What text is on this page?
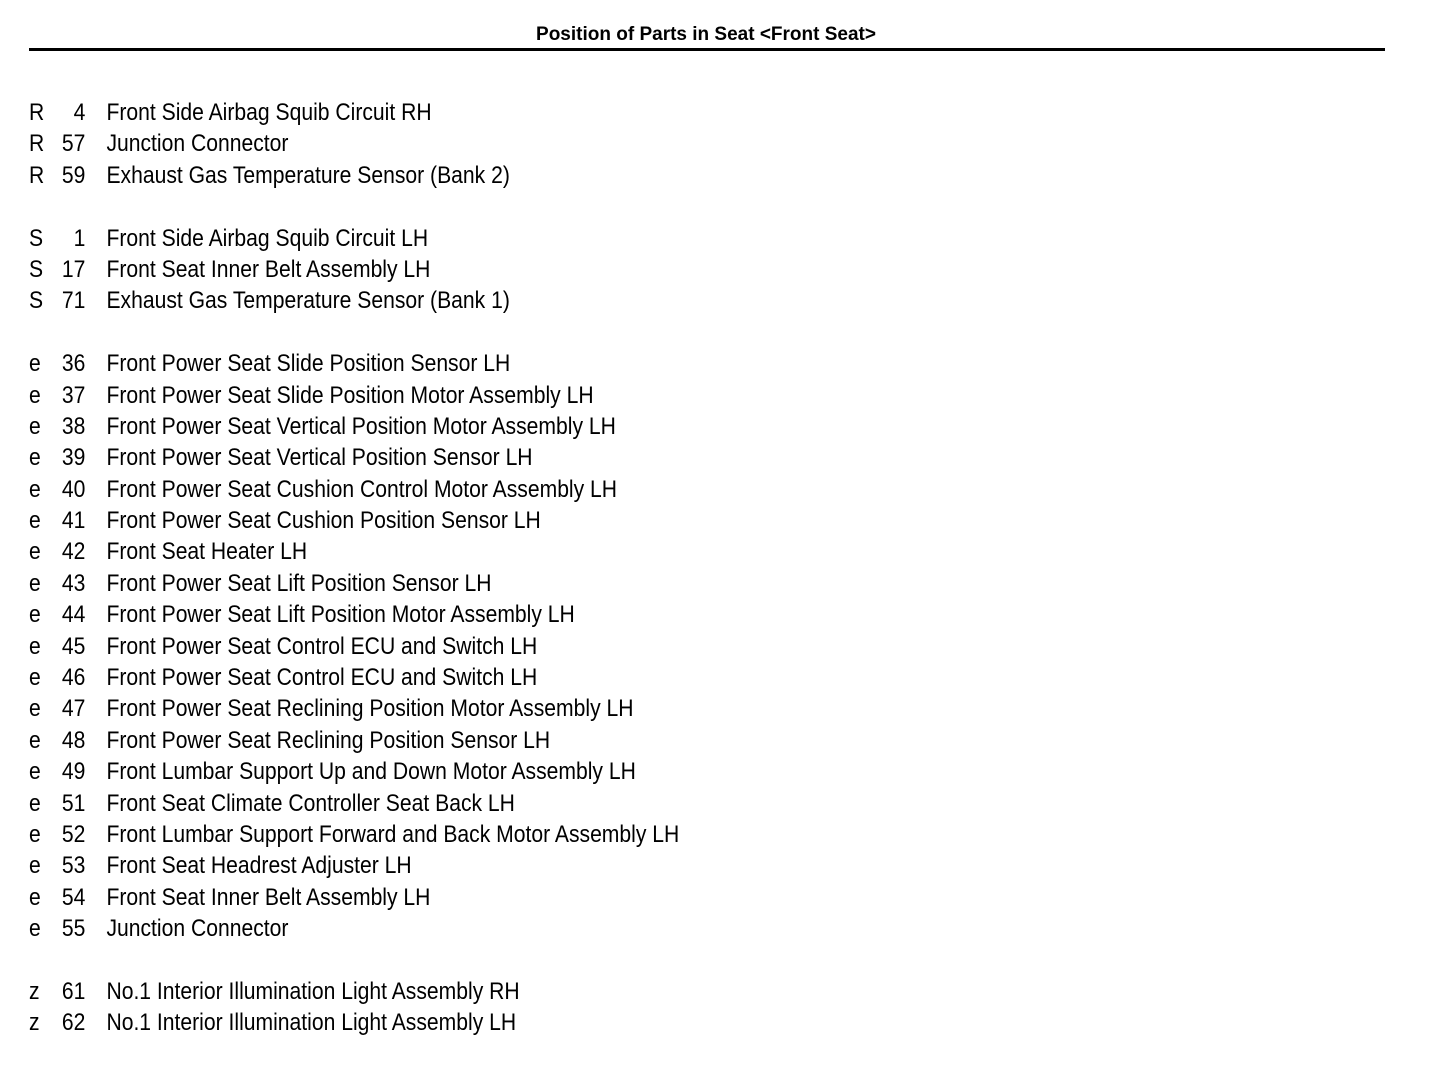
Position of Parts in Seat <Front Seat>
R	4 Front Side Airbag Squib Circuit RH
R 57 Junction Connector
R 59 Exhaust Gas Temperature Sensor (Bank 2)
S	1 Front Side Airbag Squib Circuit LH
S 17 Front Seat Inner Belt Assembly LH
S 71 Exhaust Gas Temperature Sensor (Bank 1)
e 36 Front Power Seat Slide Position Sensor LH
e 37 Front Power Seat Slide Position Motor Assembly LH
e 38 Front Power Seat Vertical Position Motor Assembly LH
e 39 Front Power Seat Vertical Position Sensor LH
e 40 Front Power Seat Cushion Control Motor Assembly LH
e 41 Front Power Seat Cushion Position Sensor LH
e 42 Front Seat Heater LH
e 43 Front Power Seat Lift Position Sensor LH
e 44 Front Power Seat Lift Position Motor Assembly LH
e 45 Front Power Seat Control ECU and Switch LH
e 46 Front Power Seat Control ECU and Switch LH
e 47 Front Power Seat Reclining Position Motor Assembly LH
e 48 Front Power Seat Reclining Position Sensor LH
e 49 Front Lumbar Support Up and Down Motor Assembly LH
e 51 Front Seat Climate Controller Seat Back LH
e 52 Front Lumbar Support Forward and Back Motor Assembly LH
e 53 Front Seat Headrest Adjuster LH
e 54 Front Seat Inner Belt Assembly LH
e 55 Junction Connector
z 61 No.1 Interior Illumination Light Assembly RH
z 62 No.1 Interior Illumination Light Assembly LH
